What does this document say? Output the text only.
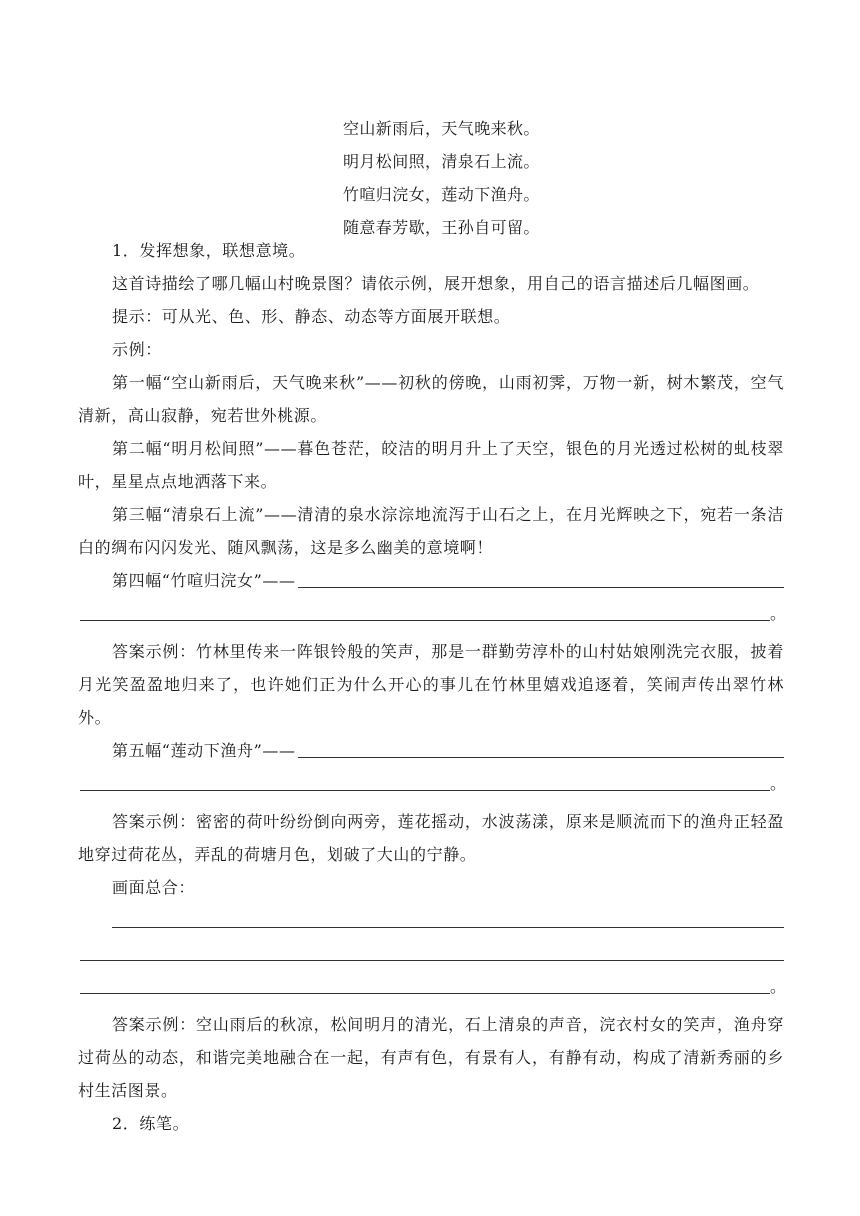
空山新雨后，天气晚来秋。
明月松间照，清泉石上流。
竹喧归浣女，莲动下渔舟。
随意春芳歇，王孙自可留。
1．发挥想象，联想意境。
这首诗描绘了哪几幅山村晚景图？请依示例，展开想象，用自己的语言描述后几幅图画。
提示：可从光、色、形、静态、动态等方面展开联想。
示例：
第一幅“空山新雨后，天气晚来秋”——初秋的傍晚，山雨初霁，万物一新，树木繁茂，空气清新，高山寂静，宛若世外桃源。
第二幅“明月松间照”——暮色苍茫，皎洁的明月升上了天空，银色的月光透过松树的虬枝翠叶，星星点点地洒落下来。
第三幅“清泉石上流”——清清的泉水淙淙地流泻于山石之上，在月光辉映之下，宛若一条洁白的绸布闪闪发光、随风飘荡，这是多么幽美的意境啊！
第四幅“竹喧归浣女”——
。
答案示例：竹林里传来一阵银铃般的笑声，那是一群勤劳淳朴的山村姑娘刚洗完衣服，披着月光笑盈盈地归来了，也许她们正为什么开心的事儿在竹林里嬉戏追逐着，笑闹声传出翠竹林外。
第五幅“莲动下渔舟”——
。
答案示例：密密的荷叶纷纷倒向两旁，莲花摇动，水波荡漾，原来是顺流而下的渔舟正轻盈地穿过荷花丛，弄乱的荷塘月色，划破了大山的宁静。
画面总合：
。
答案示例：空山雨后的秋凉，松间明月的清光，石上清泉的声音，浣衣村女的笑声，渔舟穿过荷丛的动态，和谐完美地融合在一起，有声有色，有景有人，有静有动，构成了清新秀丽的乡村生活图景。
2．练笔。
